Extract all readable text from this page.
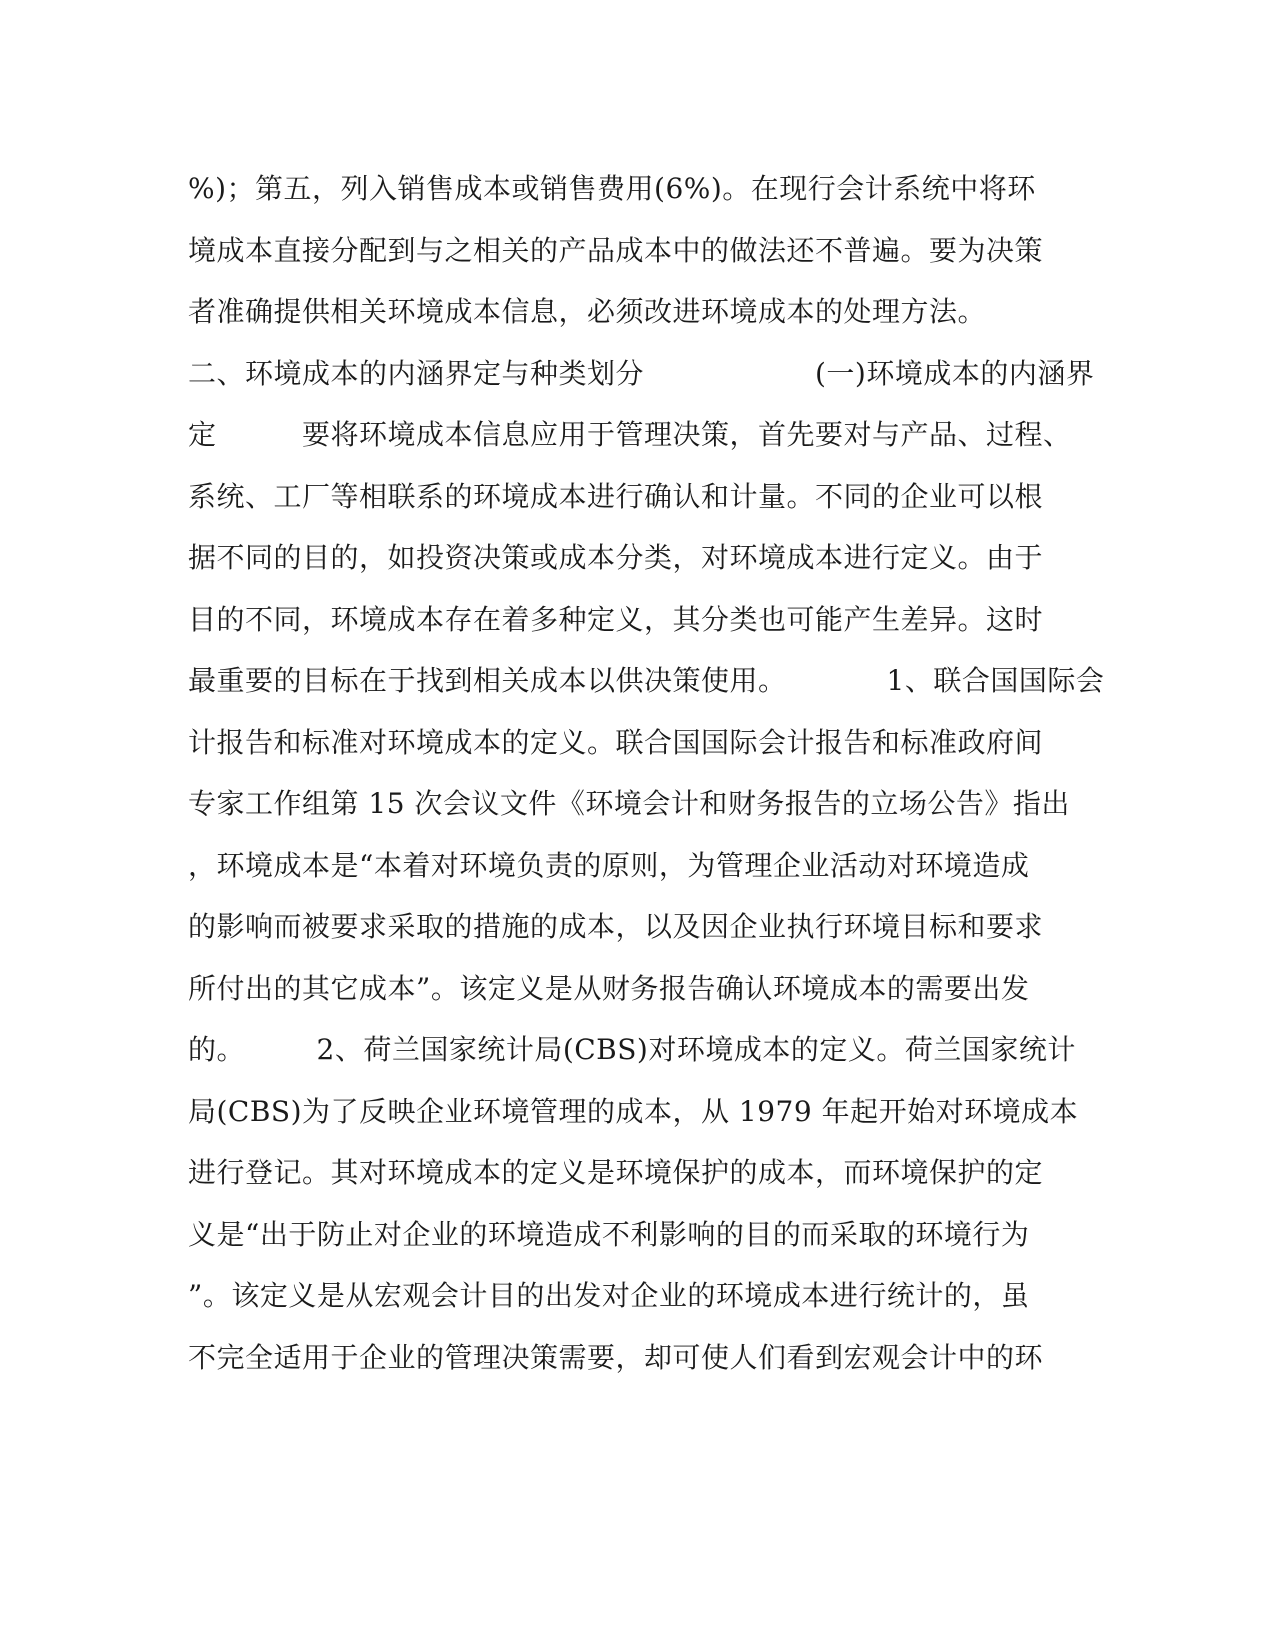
%)；第五，列入销售成本或销售费用(6%)。在现行会计系统中将环
境成本直接分配到与之相关的产品成本中的做法还不普遍。要为决策
者准确提供相关环境成本信息，必须改进环境成本的处理方法。
二、环境成本的内涵界定与种类划分　　　　　　(一)环境成本的内涵界
定　　　要将环境成本信息应用于管理决策，首先要对与产品、过程、
系统、工厂等相联系的环境成本进行确认和计量。不同的企业可以根
据不同的目的，如投资决策或成本分类，对环境成本进行定义。由于
目的不同，环境成本存在着多种定义，其分类也可能产生差异。这时
最重要的目标在于找到相关成本以供决策使用。　　　　1、联合国国际会
计报告和标准对环境成本的定义。联合国国际会计报告和标准政府间
专家工作组第 15 次会议文件《环境会计和财务报告的立场公告》指出
，环境成本是“本着对环境负责的原则，为管理企业活动对环境造成
的影响而被要求采取的措施的成本，以及因企业执行环境目标和要求
所付出的其它成本”。该定义是从财务报告确认环境成本的需要出发
的。　　　2、荷兰国家统计局(CBS)对环境成本的定义。荷兰国家统计
局(CBS)为了反映企业环境管理的成本，从 1979 年起开始对环境成本
进行登记。其对环境成本的定义是环境保护的成本，而环境保护的定
义是“出于防止对企业的环境造成不利影响的目的而采取的环境行为
”。该定义是从宏观会计目的出发对企业的环境成本进行统计的，虽
不完全适用于企业的管理决策需要，却可使人们看到宏观会计中的环
